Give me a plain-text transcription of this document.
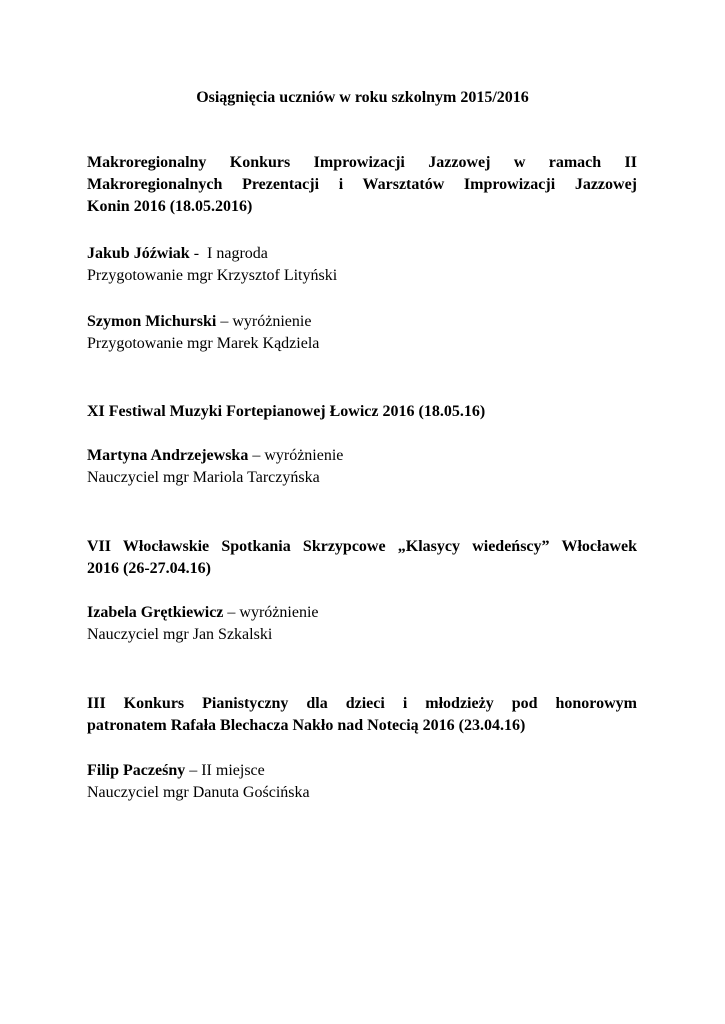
Osiągnięcia uczniów w roku szkolnym 2015/2016
Makroregionalny Konkurs Improwizacji Jazzowej w ramach II
Makroregionalnych Prezentacji i Warsztatów Improwizacji Jazzowej
Konin 2016 (18.05.2016)
Jakub Jóźwiak -  I nagroda
Przygotowanie mgr Krzysztof Lityński
Szymon Michurski – wyróżnienie
Przygotowanie mgr Marek Kądziela
XI Festiwal Muzyki Fortepianowej Łowicz 2016 (18.05.16)
Martyna Andrzejewska – wyróżnienie
Nauczyciel mgr Mariola Tarczyńska
VII Włocławskie Spotkania Skrzypcowe „Klasycy wiedeńscy” Włocławek
2016 (26-27.04.16)
Izabela Grętkiewicz – wyróżnienie
Nauczyciel mgr Jan Szkalski
III Konkurs Pianistyczny dla dzieci i młodzieży pod honorowym
patronatem Rafała Blechacza Nakło nad Notecią 2016 (23.04.16)
Filip Pacześny – II miejsce
Nauczyciel mgr Danuta Gościńska
